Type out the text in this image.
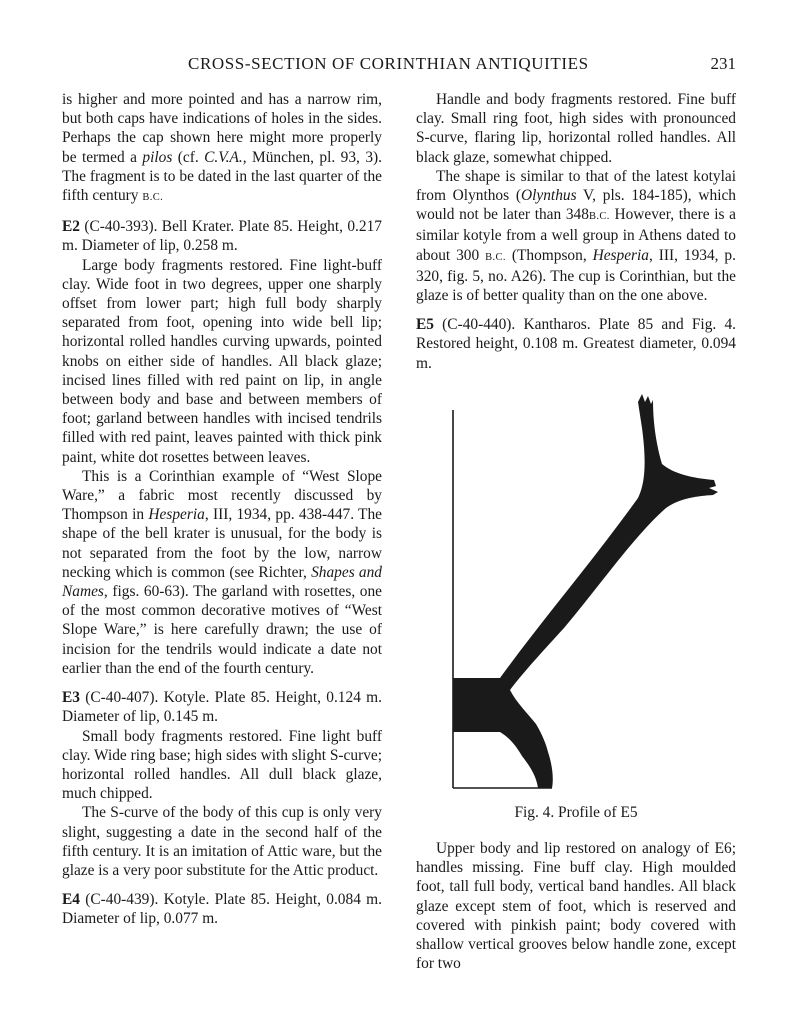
CROSS-SECTION OF CORINTHIAN ANTIQUITIES	231

is higher and more pointed and has a narrow rim, but both caps have indications of holes in the sides. Perhaps the cap shown here might more properly be termed a pilos (cf. C.V.A., München, pl. 93, 3). The fragment is to be dated in the last quarter of the fifth century B.C.

E2 (C-40-393). Bell Krater. Plate 85. Height, 0.217 m. Diameter of lip, 0.258 m.

Large body fragments restored. Fine light-buff clay. Wide foot in two degrees, upper one sharply offset from lower part; high full body sharply separated from foot, opening into wide bell lip; horizontal rolled handles curving upwards, pointed knobs on either side of handles. All black glaze; incised lines filled with red paint on lip, in angle between body and base and between members of foot; garland between handles with incised tendrils filled with red paint, leaves painted with thick pink paint, white dot rosettes between leaves.

This is a Corinthian example of “West Slope Ware,” a fabric most recently discussed by Thompson in Hesperia, III, 1934, pp. 438-447. The shape of the bell krater is unusual, for the body is not separated from the foot by the low, narrow necking which is common (see Richter, Shapes and Names, figs. 60-63). The garland with rosettes, one of the most common decorative motives of “West Slope Ware,” is here carefully drawn; the use of incision for the tendrils would indicate a date not earlier than the end of the fourth century.

E3 (C-40-407). Kotyle. Plate 85. Height, 0.124 m. Diameter of lip, 0.145 m.

Small body fragments restored. Fine light buff clay. Wide ring base; high sides with slight S-curve; horizontal rolled handles. All dull black glaze, much chipped.

The S-curve of the body of this cup is only very slight, suggesting a date in the second half of the fifth century. It is an imitation of Attic ware, but the glaze is a very poor substitute for the Attic product.

E4 (C-40-439). Kotyle. Plate 85. Height, 0.084 m. Diameter of lip, 0.077 m.

Handle and body fragments restored. Fine buff clay. Small ring foot, high sides with pronounced S-curve, flaring lip, horizontal rolled handles. All black glaze, somewhat chipped.

The shape is similar to that of the latest kotylai from Olynthos (Olynthus V, pls. 184-185), which would not be later than 348B.C. However, there is a similar kotyle from a well group in Athens dated to about 300 B.C. (Thompson, Hesperia, III, 1934, p. 320, fig. 5, no. A26). The cup is Corinthian, but the glaze is of better quality than on the one above.

E5 (C-40-440). Kantharos. Plate 85 and Fig. 4. Restored height, 0.108 m. Greatest diameter, 0.094 m.

Fig. 4. Profile of E5

Upper body and lip restored on analogy of E6; handles missing. Fine buff clay. High moulded foot, tall full body, vertical band handles. All black glaze except stem of foot, which is reserved and covered with pinkish paint; body covered with shallow vertical grooves below handle zone, except for two
